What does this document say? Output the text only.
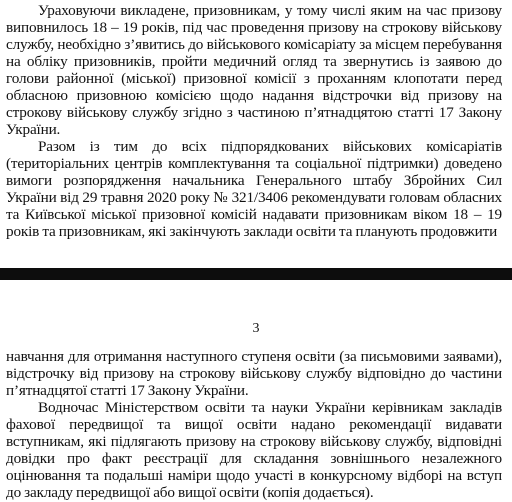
Ураховуючи викладене, призовникам, у тому числі яким на час призову виповнилось 18 – 19 років, під час проведення призову на строкову військову службу, необхідно з’явитись до військового комісаріату за місцем перебування на обліку призовників, пройти медичний огляд та звернутись із заявою до голови районної (міської) призовної комісії з проханням клопотати перед обласною призовною комісією щодо надання відстрочки від призову на строкову військову службу згідно з частиною п’ятнадцятою статті 17 Закону України.

Разом із тим до всіх підпорядкованих військових комісаріатів (територіальних центрів комплектування та соціальної підтримки) доведено вимоги розпорядження начальника Генерального штабу Збройних Сил України від 29 травня 2020 року № 321/3406 рекомендувати головам обласних та Київської міської призовної комісій надавати призовникам віком 18 – 19 років та призовникам, які закінчують заклади освіти та планують продовжити

3

навчання для отримання наступного ступеня освіти (за письмовими заявами), відстрочку від призову на строкову військову службу відповідно до частини п’ятнадцятої статті 17 Закону України.

Водночас Міністерством освіти та науки України керівникам закладів фахової передвищої та вищої освіти надано рекомендації видавати вступникам, які підлягають призову на строкову військову службу, відповідні довідки про факт реєстрації для складання зовнішнього незалежного оцінювання та подальші наміри щодо участі в конкурсному відборі на вступ до закладу передвищої або вищої освіти (копія додається).
